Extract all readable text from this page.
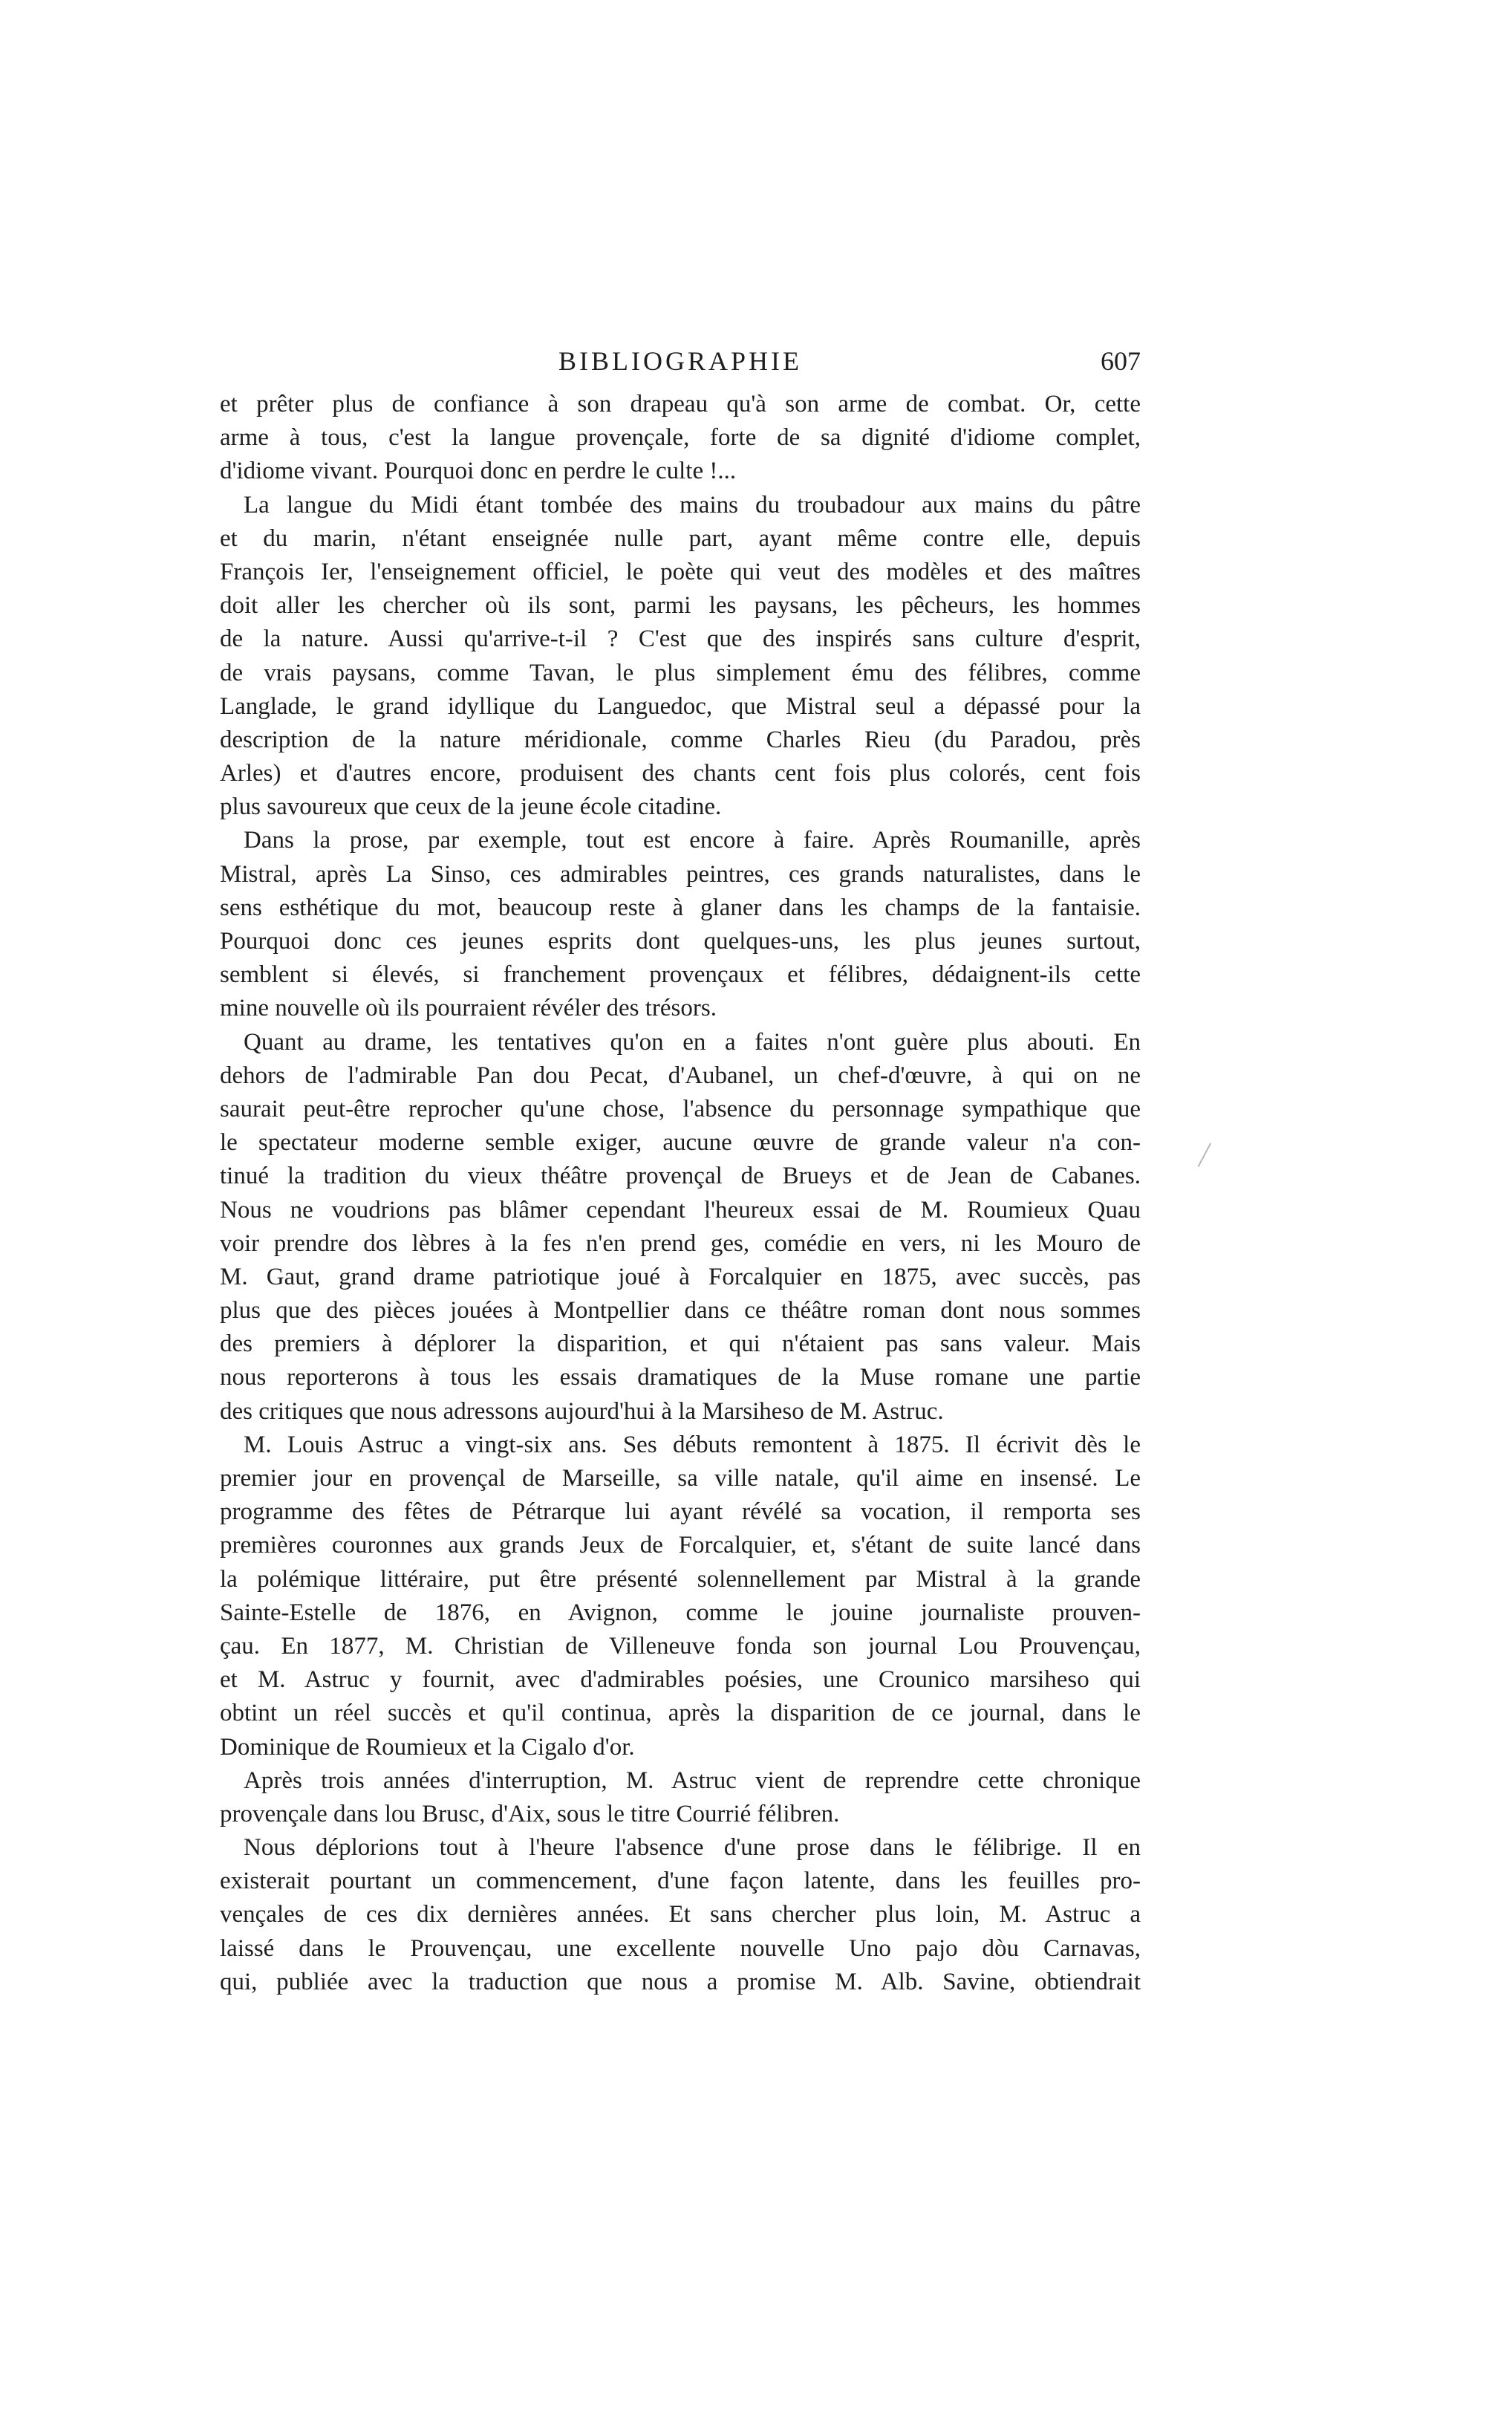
BIBLIOGRAPHIE	607
et prêter plus de confiance à son drapeau qu'à son arme de combat. Or, cette
arme à tous, c'est la langue provençale, forte de sa dignité d'idiome complet,
d'idiome vivant. Pourquoi donc en perdre le culte !...
La langue du Midi étant tombée des mains du troubadour aux mains du pâtre
et du marin, n'étant enseignée nulle part, ayant même contre elle, depuis
François Ier, l'enseignement officiel, le poète qui veut des modèles et des maîtres
doit aller les chercher où ils sont, parmi les paysans, les pêcheurs, les hommes
de la nature. Aussi qu'arrive-t-il ? C'est que des inspirés sans culture d'esprit,
de vrais paysans, comme Tavan, le plus simplement ému des félibres, comme
Langlade, le grand idyllique du Languedoc, que Mistral seul a dépassé pour la
description de la nature méridionale, comme Charles Rieu (du Paradou, près
Arles) et d'autres encore, produisent des chants cent fois plus colorés, cent fois
plus savoureux que ceux de la jeune école citadine.
Dans la prose, par exemple, tout est encore à faire. Après Roumanille, après
Mistral, après La Sinso, ces admirables peintres, ces grands naturalistes, dans le
sens esthétique du mot, beaucoup reste à glaner dans les champs de la fantaisie.
Pourquoi donc ces jeunes esprits dont quelques-uns, les plus jeunes surtout,
semblent si élevés, si franchement provençaux et félibres, dédaignent-ils cette
mine nouvelle où ils pourraient révéler des trésors.
Quant au drame, les tentatives qu'on en a faites n'ont guère plus abouti. En
dehors de l'admirable Pan dou Pecat, d'Aubanel, un chef-d'œuvre, à qui on ne
saurait peut-être reprocher qu'une chose, l'absence du personnage sympathique que
le spectateur moderne semble exiger, aucune œuvre de grande valeur n'a con-
tinué la tradition du vieux théâtre provençal de Brueys et de Jean de Cabanes.
Nous ne voudrions pas blâmer cependant l'heureux essai de M. Roumieux Quau
voir prendre dos lèbres à la fes n'en prend ges, comédie en vers, ni les Mouro de
M. Gaut, grand drame patriotique joué à Forcalquier en 1875, avec succès, pas
plus que des pièces jouées à Montpellier dans ce théâtre roman dont nous sommes
des premiers à déplorer la disparition, et qui n'étaient pas sans valeur. Mais
nous reporterons à tous les essais dramatiques de la Muse romane une partie
des critiques que nous adressons aujourd'hui à la Marsiheso de M. Astruc.
M. Louis Astruc a vingt-six ans. Ses débuts remontent à 1875. Il écrivit dès le
premier jour en provençal de Marseille, sa ville natale, qu'il aime en insensé. Le
programme des fêtes de Pétrarque lui ayant révélé sa vocation, il remporta ses
premières couronnes aux grands Jeux de Forcalquier, et, s'étant de suite lancé dans
la polémique littéraire, put être présenté solennellement par Mistral à la grande
Sainte-Estelle de 1876, en Avignon, comme le jouine journaliste prouven-
çau. En 1877, M. Christian de Villeneuve fonda son journal Lou Prouvençau,
et M. Astruc y fournit, avec d'admirables poésies, une Crounico marsiheso qui
obtint un réel succès et qu'il continua, après la disparition de ce journal, dans le
Dominique de Roumieux et la Cigalo d'or.
Après trois années d'interruption, M. Astruc vient de reprendre cette chronique
provençale dans lou Brusc, d'Aix, sous le titre Courrié félibren.
Nous déplorions tout à l'heure l'absence d'une prose dans le félibrige. Il en
existerait pourtant un commencement, d'une façon latente, dans les feuilles pro-
vençales de ces dix dernières années. Et sans chercher plus loin, M. Astruc a
laissé dans le Prouvençau, une excellente nouvelle Uno pajo dòu Carnavas,
qui, publiée avec la traduction que nous a promise M. Alb. Savine, obtiendrait
